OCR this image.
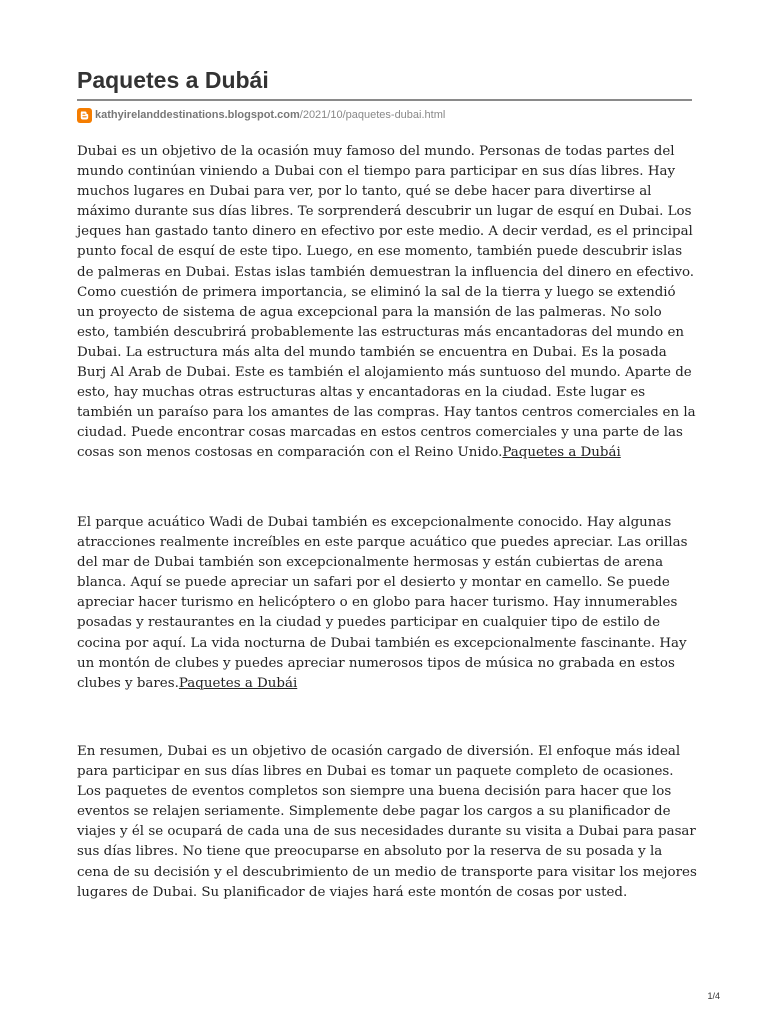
Paquetes a Dubái
kathyirelanddestinations.blogspot.com /2021/10/paquetes-dubai.html

Dubai es un objetivo de la ocasión muy famoso del mundo. Personas de todas partes del mundo continúan viniendo a Dubai con el tiempo para participar en sus días libres. Hay muchos lugares en Dubai para ver, por lo tanto, qué se debe hacer para divertirse al máximo durante sus días libres. Te sorprenderá descubrir un lugar de esquí en Dubai. Los jeques han gastado tanto dinero en efectivo por este medio. A decir verdad, es el principal punto focal de esquí de este tipo. Luego, en ese momento, también puede descubrir islas de palmeras en Dubai. Estas islas también demuestran la influencia del dinero en efectivo. Como cuestión de primera importancia, se eliminó la sal de la tierra y luego se extendió un proyecto de sistema de agua excepcional para la mansión de las palmeras. No solo esto, también descubrirá probablemente las estructuras más encantadoras del mundo en Dubai. La estructura más alta del mundo también se encuentra en Dubai. Es la posada Burj Al Arab de Dubai. Este es también el alojamiento más suntuoso del mundo. Aparte de esto, hay muchas otras estructuras altas y encantadoras en la ciudad. Este lugar es también un paraíso para los amantes de las compras. Hay tantos centros comerciales en la ciudad. Puede encontrar cosas marcadas en estos centros comerciales y una parte de las cosas son menos costosas en comparación con el Reino Unido.Paquetes a Dubái

El parque acuático Wadi de Dubai también es excepcionalmente conocido. Hay algunas atracciones realmente increíbles en este parque acuático que puedes apreciar. Las orillas del mar de Dubai también son excepcionalmente hermosas y están cubiertas de arena blanca. Aquí se puede apreciar un safari por el desierto y montar en camello. Se puede apreciar hacer turismo en helicóptero o en globo para hacer turismo. Hay innumerables posadas y restaurantes en la ciudad y puedes participar en cualquier tipo de estilo de cocina por aquí. La vida nocturna de Dubai también es excepcionalmente fascinante. Hay un montón de clubes y puedes apreciar numerosos tipos de música no grabada en estos clubes y bares.Paquetes a Dubái

En resumen, Dubai es un objetivo de ocasión cargado de diversión. El enfoque más ideal para participar en sus días libres en Dubai es tomar un paquete completo de ocasiones. Los paquetes de eventos completos son siempre una buena decisión para hacer que los eventos se relajen seriamente. Simplemente debe pagar los cargos a su planificador de viajes y él se ocupará de cada una de sus necesidades durante su visita a Dubai para pasar sus días libres. No tiene que preocuparse en absoluto por la reserva de su posada y la cena de su decisión y el descubrimiento de un medio de transporte para visitar los mejores lugares de Dubai. Su planificador de viajes hará este montón de cosas por usted.

1/4
